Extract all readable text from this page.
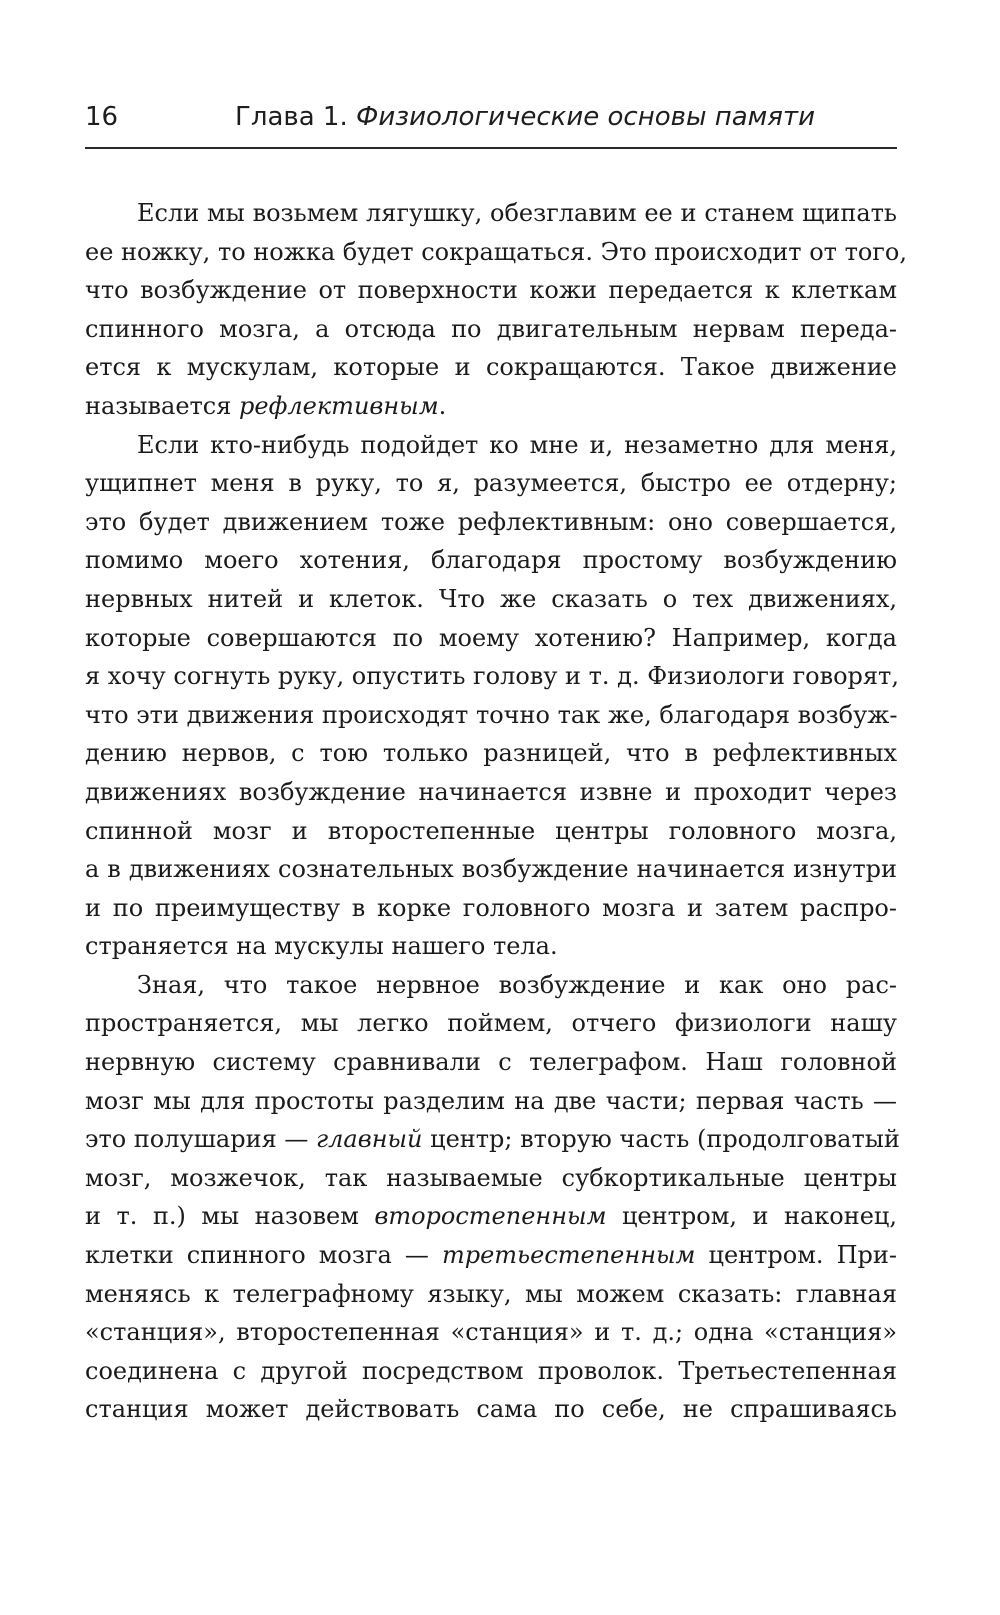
16	Глава 1. Физиологические основы памяти
Если мы возьмем лягушку, обезглавим ее и станем щипать
ее ножку, то ножка будет сокращаться. Это происходит от того,
что возбуждение от поверхности кожи передается к клеткам
спинного мозга, а отсюда по двигательным нервам переда-
ется к мускулам, которые и сокращаются. Такое движение
называется рефлективным.
Если кто-нибудь подойдет ко мне и, незаметно для меня,
ущипнет меня в руку, то я, разумеется, быстро ее отдерну;
это будет движением тоже рефлективным: оно совершается,
помимо моего хотения, благодаря простому возбуждению
нервных нитей и клеток. Что же сказать о тех движениях,
которые совершаются по моему хотению? Например, когда
я хочу согнуть руку, опустить голову и т. д. Физиологи говорят,
что эти движения происходят точно так же, благодаря возбуж-
дению нервов, с тою только разницей, что в рефлективных
движениях возбуждение начинается извне и проходит через
спинной мозг и второстепенные центры головного мозга,
а в движениях сознательных возбуждение начинается изнутри
и по преимуществу в корке головного мозга и затем распро-
страняется на мускулы нашего тела.
Зная, что такое нервное возбуждение и как оно рас-
пространяется, мы легко поймем, отчего физиологи нашу
нервную систему сравнивали с телеграфом. Наш головной
мозг мы для простоты разделим на две части; первая часть —
это полушария — главный центр; вторую часть (продолговатый
мозг, мозжечок, так называемые субкортикальные центры
и т. п.) мы назовем второстепенным центром, и наконец,
клетки спинного мозга — третьестепенным центром. При-
меняясь к телеграфному языку, мы можем сказать: главная
«станция», второстепенная «станция» и т. д.; одна «станция»
соединена с другой посредством проволок. Третьестепенная
станция может действовать сама по себе, не спрашиваясь
